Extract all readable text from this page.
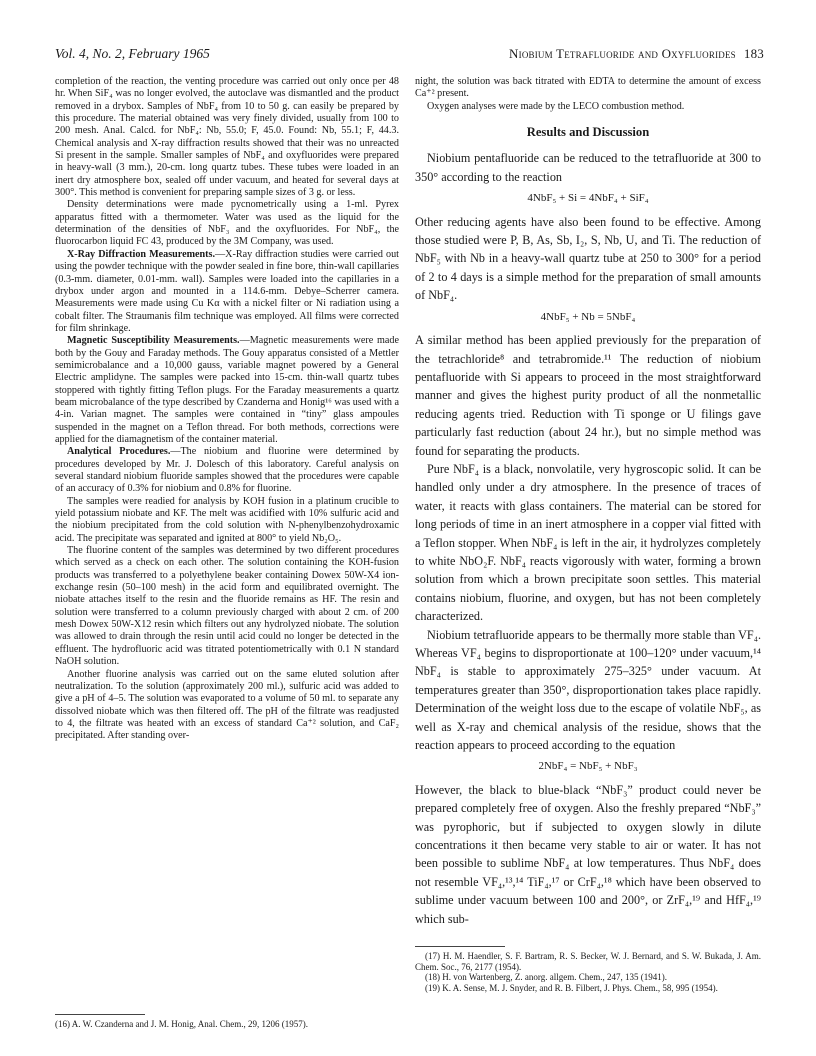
Vol. 4, No. 2, February 1965	Niobium Tetrafluoride and Oxyfluorides 183

completion of the reaction, the venting procedure was carried out only once per 48 hr. When SiF₄ was no longer evolved, the autoclave was dismantled and the product removed in a drybox. Samples of NbF₄ from 10 to 50 g. can easily be prepared by this procedure. The material obtained was very finely divided, usually from 100 to 200 mesh. Anal. Calcd. for NbF₄: Nb, 55.0; F, 45.0. Found: Nb, 55.1; F, 44.3. Chemical analysis and X-ray diffraction results showed that their was no unreacted Si present in the sample. Smaller samples of NbF₄ and oxyfluorides were prepared in heavy-wall (3 mm.), 20-cm. long quartz tubes. These tubes were loaded in an inert dry atmosphere box, sealed off under vacuum, and heated for several days at 300°. This method is convenient for preparing sample sizes of 3 g. or less.

Density determinations were made pycnometrically using a 1-ml. Pyrex apparatus fitted with a thermometer. Water was used as the liquid for the determination of the densities of NbF₃ and the oxyfluorides. For NbF₄, the fluorocarbon liquid FC 43, produced by the 3M Company, was used.

X-Ray Diffraction Measurements.—X-Ray diffraction studies were carried out using the powder technique with the powder sealed in fine bore, thin-wall capillaries (0.3-mm. diameter, 0.01-mm. wall). Samples were loaded into the capillaries in a drybox under argon and mounted in a 114.6-mm. Debye–Scherrer camera. Measurements were made using Cu Kα with a nickel filter or Ni radiation using a cobalt filter. The Straumanis film technique was employed. All films were corrected for film shrinkage.

Magnetic Susceptibility Measurements.—Magnetic measurements were made both by the Gouy and Faraday methods. The Gouy apparatus consisted of a Mettler semimicrobalance and a 10,000 gauss, variable magnet powered by a General Electric amplidyne. The samples were packed into 15-cm. thin-wall quartz tubes stoppered with tightly fitting Teflon plugs. For the Faraday measurements a quartz beam microbalance of the type described by Czanderna and Honig¹⁶ was used with a 4-in. Varian magnet. The samples were contained in “tiny” glass ampoules suspended in the magnet on a Teflon thread. For both methods, corrections were applied for the diamagnetism of the container material.

Analytical Procedures.—The niobium and fluorine were determined by procedures developed by Mr. J. Dolesch of this laboratory. Careful analysis on several standard niobium fluoride samples showed that the procedures were capable of an accuracy of 0.3% for niobium and 0.8% for fluorine.

The samples were readied for analysis by KOH fusion in a platinum crucible to yield potassium niobate and KF. The melt was acidified with 10% sulfuric acid and the niobium precipitated from the cold solution with N-phenylbenzohydroxamic acid. The precipitate was separated and ignited at 800° to yield Nb₂O₅.

The fluorine content of the samples was determined by two different procedures which served as a check on each other. The solution containing the KOH-fusion products was transferred to a polyethylene beaker containing Dowex 50W-X4 ion-exchange resin (50–100 mesh) in the acid form and equilibrated overnight. The niobate attaches itself to the resin and the fluoride remains as HF. The resin and solution were transferred to a column previously charged with about 2 cm. of 200 mesh Dowex 50W-X12 resin which filters out any hydrolyzed niobate. The solution was allowed to drain through the resin until acid could no longer be detected in the effluent. The hydrofluoric acid was titrated potentiometrically with 0.1 N standard NaOH solution.

Another fluorine analysis was carried out on the same eluted solution after neutralization. To the solution (approximately 200 ml.), sulfuric acid was added to give a pH of 4–5. The solution was evaporated to a volume of 50 ml. to separate any dissolved niobate which was then filtered off. The pH of the filtrate was readjusted to 4, the filtrate was heated with an excess of standard Ca⁺² solution, and CaF₂ precipitated. After standing over-

(16) A. W. Czanderna and J. M. Honig, Anal. Chem., 29, 1206 (1957).

night, the solution was back titrated with EDTA to determine the amount of excess Ca⁺² present.

Oxygen analyses were made by the LECO combustion method.

Results and Discussion

Niobium pentafluoride can be reduced to the tetrafluoride at 300 to 350° according to the reaction

4NbF₅ + Si = 4NbF₄ + SiF₄

Other reducing agents have also been found to be effective. Among those studied were P, B, As, Sb, I₂, S, Nb, U, and Ti. The reduction of NbF₅ with Nb in a heavy-wall quartz tube at 250 to 300° for a period of 2 to 4 days is a simple method for the preparation of small amounts of NbF₄.

4NbF₅ + Nb = 5NbF₄

A similar method has been applied previously for the preparation of the tetrachloride⁸ and tetrabromide.¹¹ The reduction of niobium pentafluoride with Si appears to proceed in the most straightforward manner and gives the highest purity product of all the nonmetallic reducing agents tried. Reduction with Ti sponge or U filings gave particularly fast reduction (about 24 hr.), but no simple method was found for separating the products.

Pure NbF₄ is a black, nonvolatile, very hygroscopic solid. It can be handled only under a dry atmosphere. In the presence of traces of water, it reacts with glass containers. The material can be stored for long periods of time in an inert atmosphere in a copper vial fitted with a Teflon stopper. When NbF₄ is left in the air, it hydrolyzes completely to white NbO₂F. NbF₄ reacts vigorously with water, forming a brown solution from which a brown precipitate soon settles. This material contains niobium, fluorine, and oxygen, but has not been completely characterized.

Niobium tetrafluoride appears to be thermally more stable than VF₄. Whereas VF₄ begins to disproportionate at 100–120° under vacuum,¹⁴ NbF₄ is stable to approximately 275–325° under vacuum. At temperatures greater than 350°, disproportionation takes place rapidly. Determination of the weight loss due to the escape of volatile NbF₅, as well as X-ray and chemical analysis of the residue, shows that the reaction appears to proceed according to the equation

2NbF₄ = NbF₅ + NbF₃

However, the black to blue-black “NbF₃” product could never be prepared completely free of oxygen. Also the freshly prepared “NbF₃” was pyrophoric, but if subjected to oxygen slowly in dilute concentrations it then became very stable to air or water. It has not been possible to sublime NbF₄ at low temperatures. Thus NbF₄ does not resemble VF₄,¹³,¹⁴ TiF₄,¹⁷ or CrF₄,¹⁸ which have been observed to sublime under vacuum between 100 and 200°, or ZrF₄,¹⁹ and HfF₄,¹⁹ which sub-

(17) H. M. Haendler, S. F. Bartram, R. S. Becker, W. J. Bernard, and S. W. Bukada, J. Am. Chem. Soc., 76, 2177 (1954).
(18) H. von Wartenberg, Z. anorg. allgem. Chem., 247, 135 (1941).
(19) K. A. Sense, M. J. Snyder, and R. B. Filbert, J. Phys. Chem., 58, 995 (1954).
